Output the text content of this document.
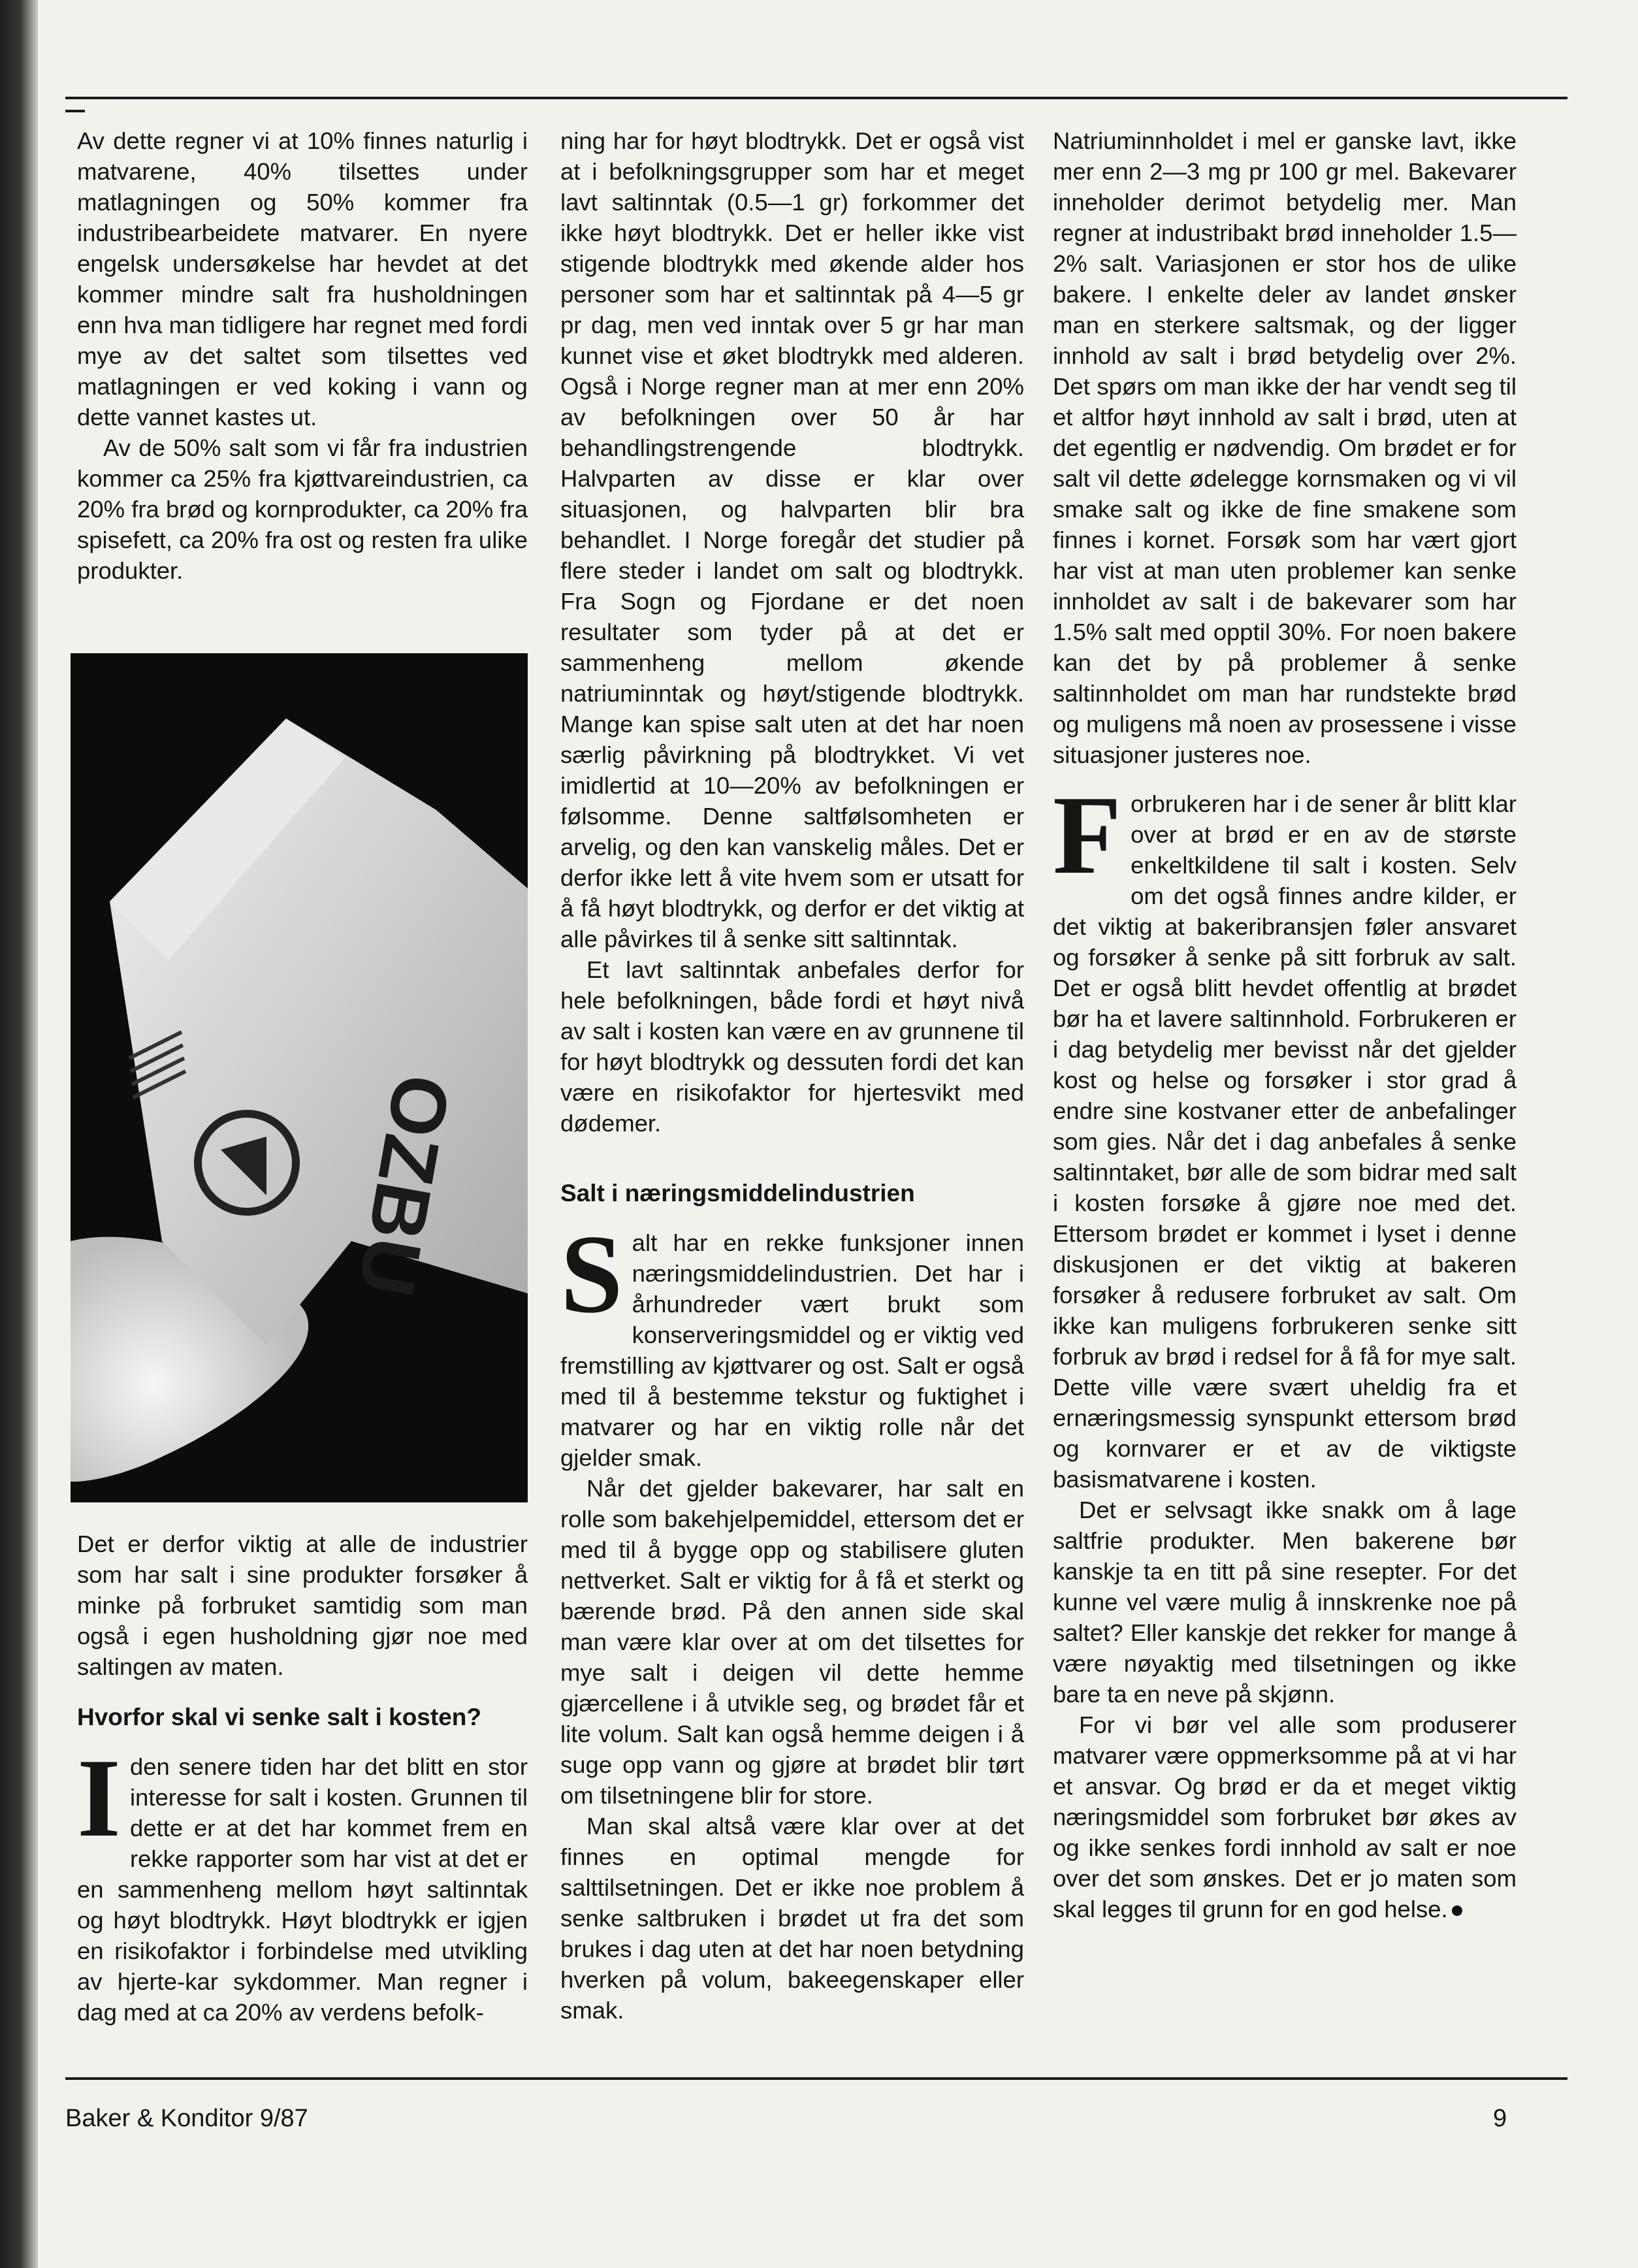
Av dette regner vi at 10% finnes naturlig i matvarene, 40% tilsettes under matlagningen og 50% kommer fra industribearbeidete matvarer. En nyere engelsk undersøkelse har hevdet at det kommer mindre salt fra husholdningen enn hva man tidligere har regnet med fordi mye av det saltet som tilsettes ved matlagningen er ved koking i vann og dette vannet kastes ut.

Av de 50% salt som vi får fra industrien kommer ca 25% fra kjøttvareindustrien, ca 20% fra brød og kornprodukter, ca 20% fra spisefett, ca 20% fra ost og resten fra ulike produkter.

OZBU

Det er derfor viktig at alle de industrier som har salt i sine produkter forsøker å minke på forbruket samtidig som man også i egen husholdning gjør noe med saltingen av maten.

Hvorfor skal vi senke salt i kosten?

Iden senere tiden har det blitt en stor interesse for salt i kosten. Grunnen til dette er at det har kommet frem en rekke rapporter som har vist at det er en sammenheng mellom høyt saltinntak og høyt blodtrykk. Høyt blodtrykk er igjen en risikofaktor i forbindelse med utvikling av hjerte-kar sykdommer. Man regner i dag med at ca 20% av verdens befolk-

ning har for høyt blodtrykk. Det er også vist at i befolkningsgrupper som har et meget lavt saltinntak (0.5—1 gr) forkommer det ikke høyt blodtrykk. Det er heller ikke vist stigende blodtrykk med økende alder hos personer som har et saltinntak på 4—5 gr pr dag, men ved inntak over 5 gr har man kunnet vise et øket blodtrykk med alderen. Også i Norge regner man at mer enn 20% av befolkningen over 50 år har behandlingstrengende blodtrykk. Halvparten av disse er klar over situasjonen, og halvparten blir bra behandlet. I Norge foregår det studier på flere steder i landet om salt og blodtrykk. Fra Sogn og Fjordane er det noen resultater som tyder på at det er sammenheng mellom økende natriuminntak og høyt/stigende blodtrykk. Mange kan spise salt uten at det har noen særlig påvirkning på blodtrykket. Vi vet imidlertid at 10—20% av befolkningen er følsomme. Denne saltfølsomheten er arvelig, og den kan vanskelig måles. Det er derfor ikke lett å vite hvem som er utsatt for å få høyt blodtrykk, og derfor er det viktig at alle påvirkes til å senke sitt saltinntak.

Et lavt saltinntak anbefales derfor for hele befolkningen, både fordi et høyt nivå av salt i kosten kan være en av grunnene til for høyt blodtrykk og dessuten fordi det kan være en risikofaktor for hjertesvikt med dødemer.

Salt i næringsmiddelindustrien

Salt har en rekke funksjoner innen næringsmiddelindustrien. Det har i århundreder vært brukt som konserveringsmiddel og er viktig ved fremstilling av kjøttvarer og ost. Salt er også med til å bestemme tekstur og fuktighet i matvarer og har en viktig rolle når det gjelder smak.

Når det gjelder bakevarer, har salt en rolle som bakehjelpemiddel, ettersom det er med til å bygge opp og stabilisere gluten nettverket. Salt er viktig for å få et sterkt og bærende brød. På den annen side skal man være klar over at om det tilsettes for mye salt i deigen vil dette hemme gjærcellene i å utvikle seg, og brødet får et lite volum. Salt kan også hemme deigen i å suge opp vann og gjøre at brødet blir tørt om tilsetningene blir for store.

Man skal altså være klar over at det finnes en optimal mengde for salttilsetningen. Det er ikke noe problem å senke saltbruken i brødet ut fra det som brukes i dag uten at det har noen betydning hverken på volum, bakeegenskaper eller smak.

Natriuminnholdet i mel er ganske lavt, ikke mer enn 2—3 mg pr 100 gr mel. Bakevarer inneholder derimot betydelig mer. Man regner at industribakt brød inneholder 1.5—2% salt. Variasjonen er stor hos de ulike bakere. I enkelte deler av landet ønsker man en sterkere saltsmak, og der ligger innhold av salt i brød betydelig over 2%. Det spørs om man ikke der har vendt seg til et altfor høyt innhold av salt i brød, uten at det egentlig er nødvendig. Om brødet er for salt vil dette ødelegge kornsmaken og vi vil smake salt og ikke de fine smakene som finnes i kornet. Forsøk som har vært gjort har vist at man uten problemer kan senke innholdet av salt i de bakevarer som har 1.5% salt med opptil 30%. For noen bakere kan det by på problemer å senke saltinnholdet om man har rundstekte brød og muligens må noen av prosessene i visse situasjoner justeres noe.

Forbrukeren har i de sener år blitt klar over at brød er en av de største enkeltkildene til salt i kosten. Selv om det også finnes andre kilder, er det viktig at bakeribransjen føler ansvaret og forsøker å senke på sitt forbruk av salt. Det er også blitt hevdet offentlig at brødet bør ha et lavere saltinnhold. Forbrukeren er i dag betydelig mer bevisst når det gjelder kost og helse og forsøker i stor grad å endre sine kostvaner etter de anbefalinger som gies. Når det i dag anbefales å senke saltinntaket, bør alle de som bidrar med salt i kosten forsøke å gjøre noe med det. Ettersom brødet er kommet i lyset i denne diskusjonen er det viktig at bakeren forsøker å redusere forbruket av salt. Om ikke kan muligens forbrukeren senke sitt forbruk av brød i redsel for å få for mye salt. Dette ville være svært uheldig fra et ernæringsmessig synspunkt ettersom brød og kornvarer er et av de viktigste basismatvarene i kosten.

Det er selvsagt ikke snakk om å lage saltfrie produkter. Men bakerene bør kanskje ta en titt på sine resepter. For det kunne vel være mulig å innskrenke noe på saltet? Eller kanskje det rekker for mange å være nøyaktig med tilsetningen og ikke bare ta en neve på skjønn.

For vi bør vel alle som produserer matvarer være oppmerksomme på at vi har et ansvar. Og brød er da et meget viktig næringsmiddel som forbruket bør økes av og ikke senkes fordi innhold av salt er noe over det som ønskes. Det er jo maten som skal legges til grunn for en god helse.

Baker & Konditor 9/87	9
